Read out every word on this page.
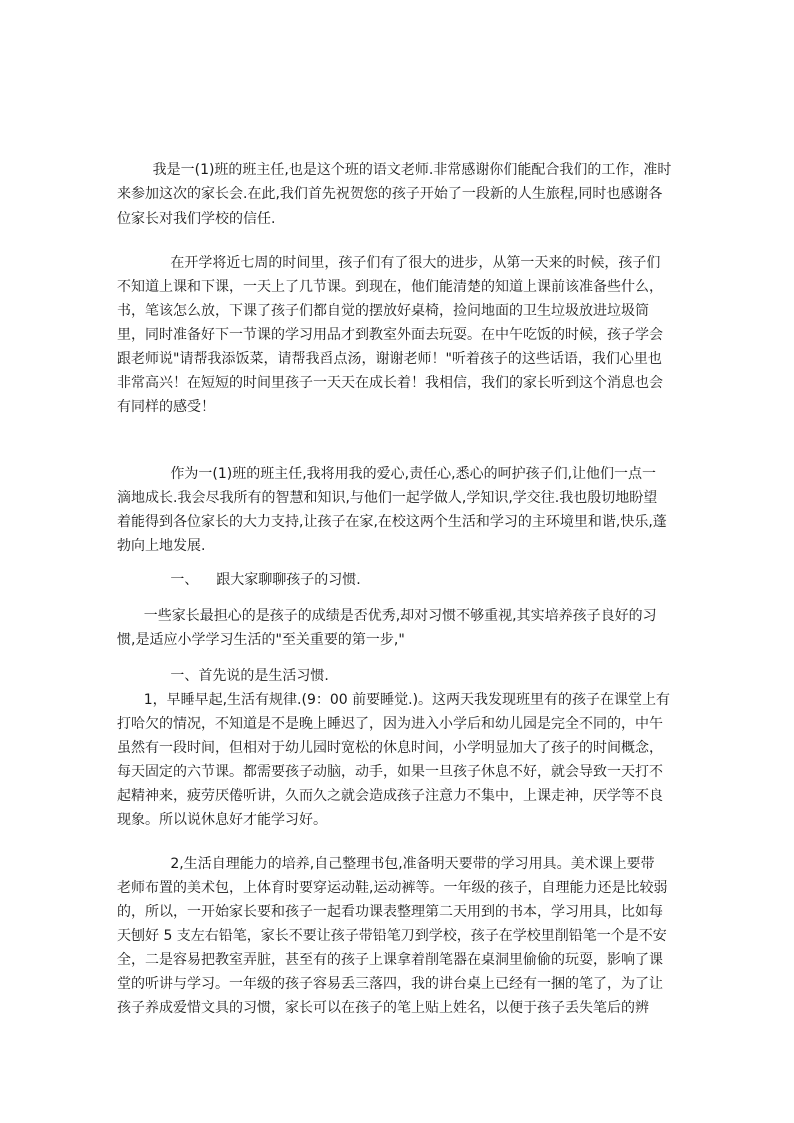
我是一(1)班的班主任,也是这个班的语文老师.非常感谢你们能配合我们的工作，准时
来参加这次的家长会.在此,我们首先祝贺您的孩子开始了一段新的人生旅程,同时也感谢各
位家长对我们学校的信任.
在开学将近七周的时间里，孩子们有了很大的进步，从第一天来的时候，孩子们
不知道上课和下课，一天上了几节课。到现在，他们能清楚的知道上课前该准备些什么，
书，笔该怎么放，下课了孩子们都自觉的摆放好桌椅，捡问地面的卫生垃圾放进垃圾筒
里，同时准备好下一节课的学习用品才到教室外面去玩耍。在中午吃饭的时候，孩子学会
跟老师说"请帮我添饭菜，请帮我舀点汤，谢谢老师！"听着孩子的这些话语，我们心里也
非常高兴！在短短的时间里孩子一天天在成长着！我相信，我们的家长听到这个消息也会
有同样的感受！
作为一(1)班的班主任,我将用我的爱心,责任心,悉心的呵护孩子们,让他们一点一
滴地成长.我会尽我所有的智慧和知识,与他们一起学做人,学知识,学交往.我也殷切地盼望
着能得到各位家长的大力支持,让孩子在家,在校这两个生活和学习的主环境里和谐,快乐,蓬
勃向上地发展.
一、    跟大家聊聊孩子的习惯.
一些家长最担心的是孩子的成绩是否优秀,却对习惯不够重视,其实培养孩子良好的习
惯,是适应小学学习生活的"至关重要的第一步,"
一、首先说的是生活习惯.
1，早睡早起,生活有规律.(9：00 前要睡觉.)。这两天我发现班里有的孩子在课堂上有
打哈欠的情况，不知道是不是晚上睡迟了，因为进入小学后和幼儿园是完全不同的，中午
虽然有一段时间，但相对于幼儿园时宽松的休息时间，小学明显加大了孩子的时间概念，
每天固定的六节课。都需要孩子动脑，动手，如果一旦孩子休息不好，就会导致一天打不
起精神来，疲劳厌倦听讲，久而久之就会造成孩子注意力不集中，上课走神，厌学等不良
现象。所以说休息好才能学习好。
2,生活自理能力的培养,自己整理书包,准备明天要带的学习用具。美术课上要带
老师布置的美术包，上体育时要穿运动鞋,运动裤等。一年级的孩子，自理能力还是比较弱
的，所以，一开始家长要和孩子一起看功课表整理第二天用到的书本，学习用具，比如每
天刨好 5 支左右铅笔，家长不要让孩子带铅笔刀到学校，孩子在学校里削铅笔一个是不安
全，二是容易把教室弄脏，甚至有的孩子上课拿着削笔器在桌洞里偷偷的玩耍，影响了课
堂的听讲与学习。一年级的孩子容易丢三落四，我的讲台桌上已经有一捆的笔了，为了让
孩子养成爱惜文具的习惯，家长可以在孩子的笔上贴上姓名，以便于孩子丢失笔后的辨
